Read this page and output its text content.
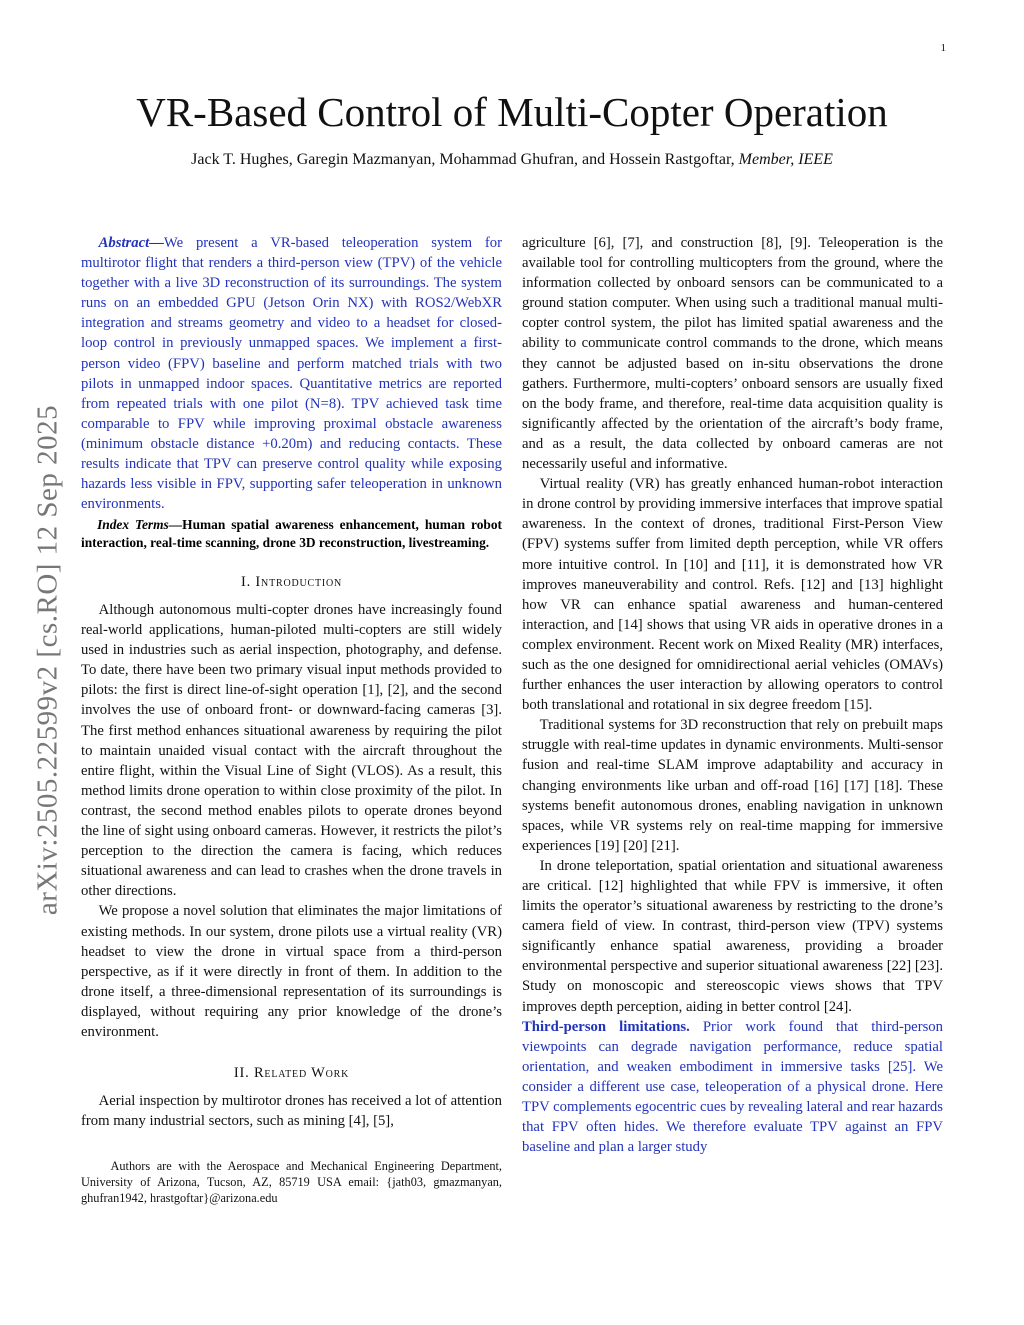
1
arXiv:2505.22599v2 [cs.RO] 12 Sep 2025
VR-Based Control of Multi-Copter Operation
Jack T. Hughes, Garegin Mazmanyan, Mohammad Ghufran, and Hossein Rastgoftar, Member, IEEE

Abstract—We present a VR-based teleoperation system for multirotor flight that renders a third-person view (TPV) of the vehicle together with a live 3D reconstruction of its surroundings. The system runs on an embedded GPU (Jetson Orin NX) with ROS2/WebXR integration and streams geometry and video to a headset for closed-loop control in previously unmapped spaces. We implement a first-person video (FPV) baseline and perform matched trials with two pilots in unmapped indoor spaces. Quantitative metrics are reported from repeated trials with one pilot (N=8). TPV achieved task time comparable to FPV while improving proximal obstacle awareness (minimum obstacle distance +0.20m) and reducing contacts. These results indicate that TPV can preserve control quality while exposing hazards less visible in FPV, supporting safer teleoperation in unknown environments.

Index Terms—Human spatial awareness enhancement, human robot interaction, real-time scanning, drone 3D reconstruction, livestreaming.

I. Introduction

Although autonomous multi-copter drones have increasingly found real-world applications, human-piloted multi-copters are still widely used in industries such as aerial inspection, photography, and defense. To date, there have been two primary visual input methods provided to pilots: the first is direct line-of-sight operation [1], [2], and the second involves the use of onboard front- or downward-facing cameras [3]. The first method enhances situational awareness by requiring the pilot to maintain unaided visual contact with the aircraft throughout the entire flight, within the Visual Line of Sight (VLOS). As a result, this method limits drone operation to within close proximity of the pilot. In contrast, the second method enables pilots to operate drones beyond the line of sight using onboard cameras. However, it restricts the pilot’s perception to the direction the camera is facing, which reduces situational awareness and can lead to crashes when the drone travels in other directions.

We propose a novel solution that eliminates the major limitations of existing methods. In our system, drone pilots use a virtual reality (VR) headset to view the drone in virtual space from a third-person perspective, as if it were directly in front of them. In addition to the drone itself, a three-dimensional representation of its surroundings is displayed, without requiring any prior knowledge of the drone’s environment.

II. Related Work

Aerial inspection by multirotor drones has received a lot of attention from many industrial sectors, such as mining [4], [5],

Authors are with the Aerospace and Mechanical Engineering Department, University of Arizona, Tucson, AZ, 85719 USA email: {jath03, gmazmanyan, ghufran1942, hrastgoftar}@arizona.edu

agriculture [6], [7], and construction [8], [9]. Teleoperation is the available tool for controlling multicopters from the ground, where the information collected by onboard sensors can be communicated to a ground station computer. When using such a traditional manual multi-copter control system, the pilot has limited spatial awareness and the ability to communicate control commands to the drone, which means they cannot be adjusted based on in-situ observations the drone gathers. Furthermore, multi-copters’ onboard sensors are usually fixed on the body frame, and therefore, real-time data acquisition quality is significantly affected by the orientation of the aircraft’s body frame, and as a result, the data collected by onboard cameras are not necessarily useful and informative.

Virtual reality (VR) has greatly enhanced human-robot interaction in drone control by providing immersive interfaces that improve spatial awareness. In the context of drones, traditional First-Person View (FPV) systems suffer from limited depth perception, while VR offers more intuitive control. In [10] and [11], it is demonstrated how VR improves maneuverability and control. Refs. [12] and [13] highlight how VR can enhance spatial awareness and human-centered interaction, and [14] shows that using VR aids in operative drones in a complex environment. Recent work on Mixed Reality (MR) interfaces, such as the one designed for omnidirectional aerial vehicles (OMAVs) further enhances the user interaction by allowing operators to control both translational and rotational in six degree freedom [15].

Traditional systems for 3D reconstruction that rely on prebuilt maps struggle with real-time updates in dynamic environments. Multi-sensor fusion and real-time SLAM improve adaptability and accuracy in changing environments like urban and off-road [16] [17] [18]. These systems benefit autonomous drones, enabling navigation in unknown spaces, while VR systems rely on real-time mapping for immersive experiences [19] [20] [21].

In drone teleportation, spatial orientation and situational awareness are critical. [12] highlighted that while FPV is immersive, it often limits the operator’s situational awareness by restricting to the drone’s camera field of view. In contrast, third-person view (TPV) systems significantly enhance spatial awareness, providing a broader environmental perspective and superior situational awareness [22] [23]. Study on monoscopic and stereoscopic views shows that TPV improves depth perception, aiding in better control [24].

Third-person limitations. Prior work found that third-person viewpoints can degrade navigation performance, reduce spatial orientation, and weaken embodiment in immersive tasks [25]. We consider a different use case, teleoperation of a physical drone. Here TPV complements egocentric cues by revealing lateral and rear hazards that FPV often hides. We therefore evaluate TPV against an FPV baseline and plan a larger study
